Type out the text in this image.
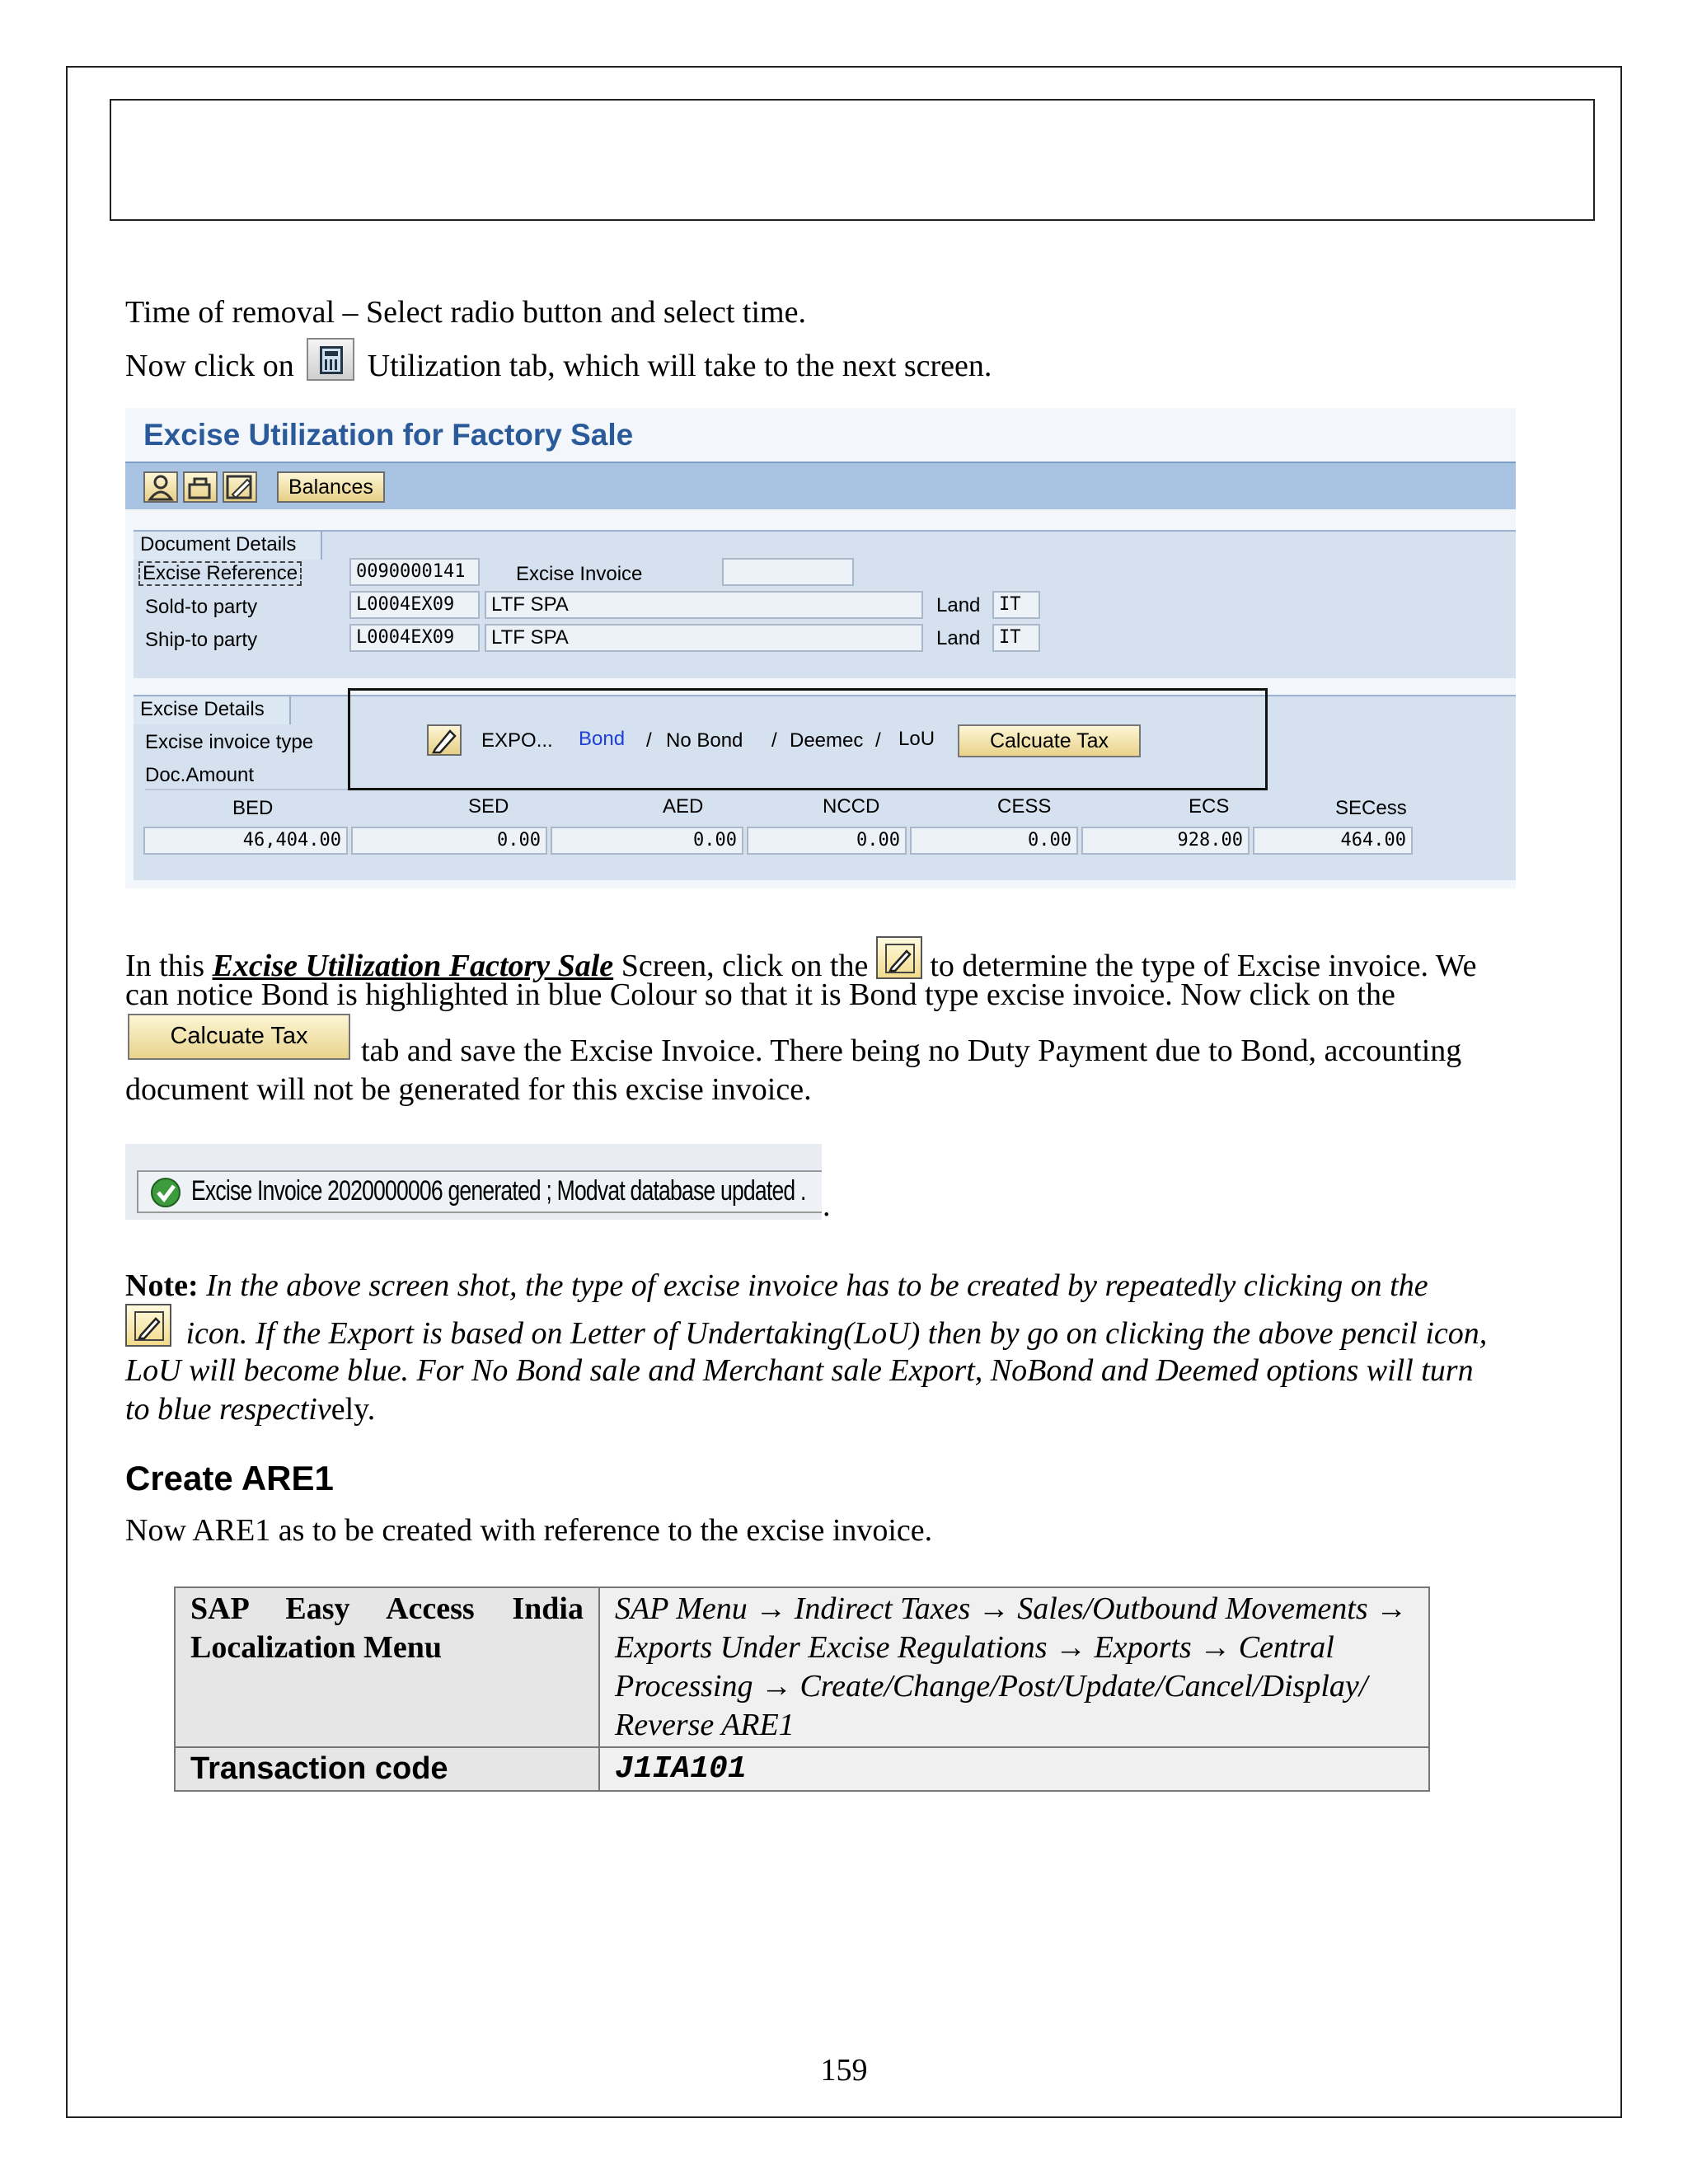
Time of removal – Select radio button and select time.
Now click on Utilization tab, which will take to the next screen.
Excise Utilization for Factory Sale
Balances
Document Details
Excise Reference	0090000141	Excise Invoice
Sold-to party	L0004EX09	LTF SPA	Land	IT
Ship-to party	L0004EX09	LTF SPA	Land	IT
Excise Details
Excise invoice type
Doc.Amount
EXPO... Bond / No Bond / Deemec / LoU	Calcuate Tax
BED	SED	AED	NCCD	CESS	ECS	SECess
46,404.00	0.00	0.00	0.00	0.00	928.00	464.00
In this Excise Utilization Factory Sale Screen, click on the to determine the type of Excise invoice. We
can notice Bond is highlighted in blue Colour so that it is Bond type excise invoice. Now click on the
Calcuate Tax	tab and save the Excise Invoice. There being no Duty Payment due to Bond, accounting
document will not be generated for this excise invoice.
Excise Invoice 2020000006 generated ; Modvat database updated . .
Note: In the above screen shot, the type of excise invoice has to be created by repeatedly clicking on the
icon. If the Export is based on Letter of Undertaking(LoU) then by go on clicking the above pencil icon,
LoU will become blue. For No Bond sale and Merchant sale Export, NoBond and Deemed options will turn
to blue respectively.
Create ARE1
Now ARE1 as to be created with reference to the excise invoice.
SAP Easy Access India Localization Menu	SAP Menu → Indirect Taxes → Sales/Outbound Movements → Exports Under Excise Regulations → Exports → Central Processing → Create/Change/Post/Update/Cancel/Display/ Reverse ARE1
Transaction code	J1IA101
159
